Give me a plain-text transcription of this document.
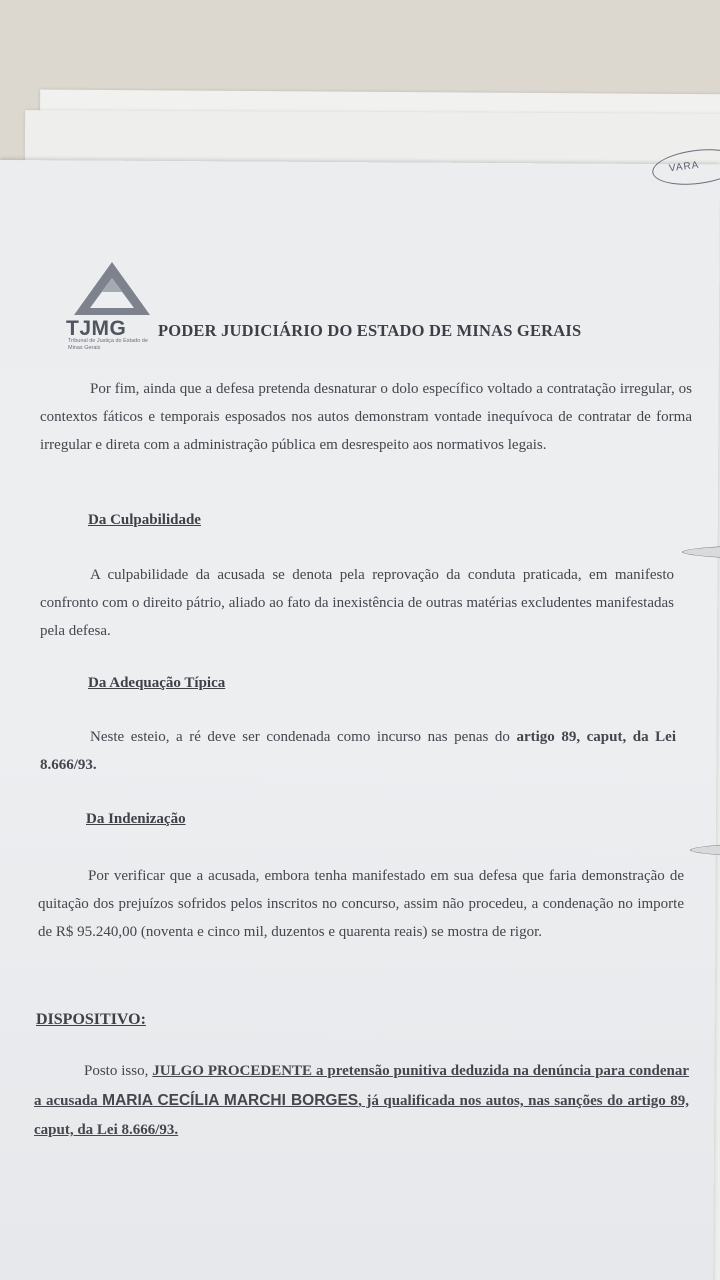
VARA
TJMG
Tribunal de Justiça do Estado de Minas Gerais
PODER JUDICIÁRIO DO ESTADO DE MINAS GERAIS

Por fim, ainda que a defesa pretenda desnaturar o dolo específico voltado a contratação irregular, os contextos fáticos e temporais esposados nos autos demonstram vontade inequívoca de contratar de forma irregular e direta com a administração pública em desrespeito aos normativos legais.

Da Culpabilidade

A culpabilidade da acusada se denota pela reprovação da conduta praticada, em manifesto confronto com o direito pátrio, aliado ao fato da inexistência de outras matérias excludentes manifestadas pela defesa.

Da Adequação Típica

Neste esteio, a ré deve ser condenada como incurso nas penas do artigo 89, caput, da Lei 8.666/93.

Da Indenização

Por verificar que a acusada, embora tenha manifestado em sua defesa que faria demonstração de quitação dos prejuízos sofridos pelos inscritos no concurso, assim não procedeu, a condenação no importe de R$ 95.240,00 (noventa e cinco mil, duzentos e quarenta reais) se mostra de rigor.

DISPOSITIVO:

Posto isso, JULGO PROCEDENTE a pretensão punitiva deduzida na denúncia para condenar a acusada MARIA CECÍLIA MARCHI BORGES, já qualificada nos autos, nas sanções do artigo 89, caput, da Lei 8.666/93.
